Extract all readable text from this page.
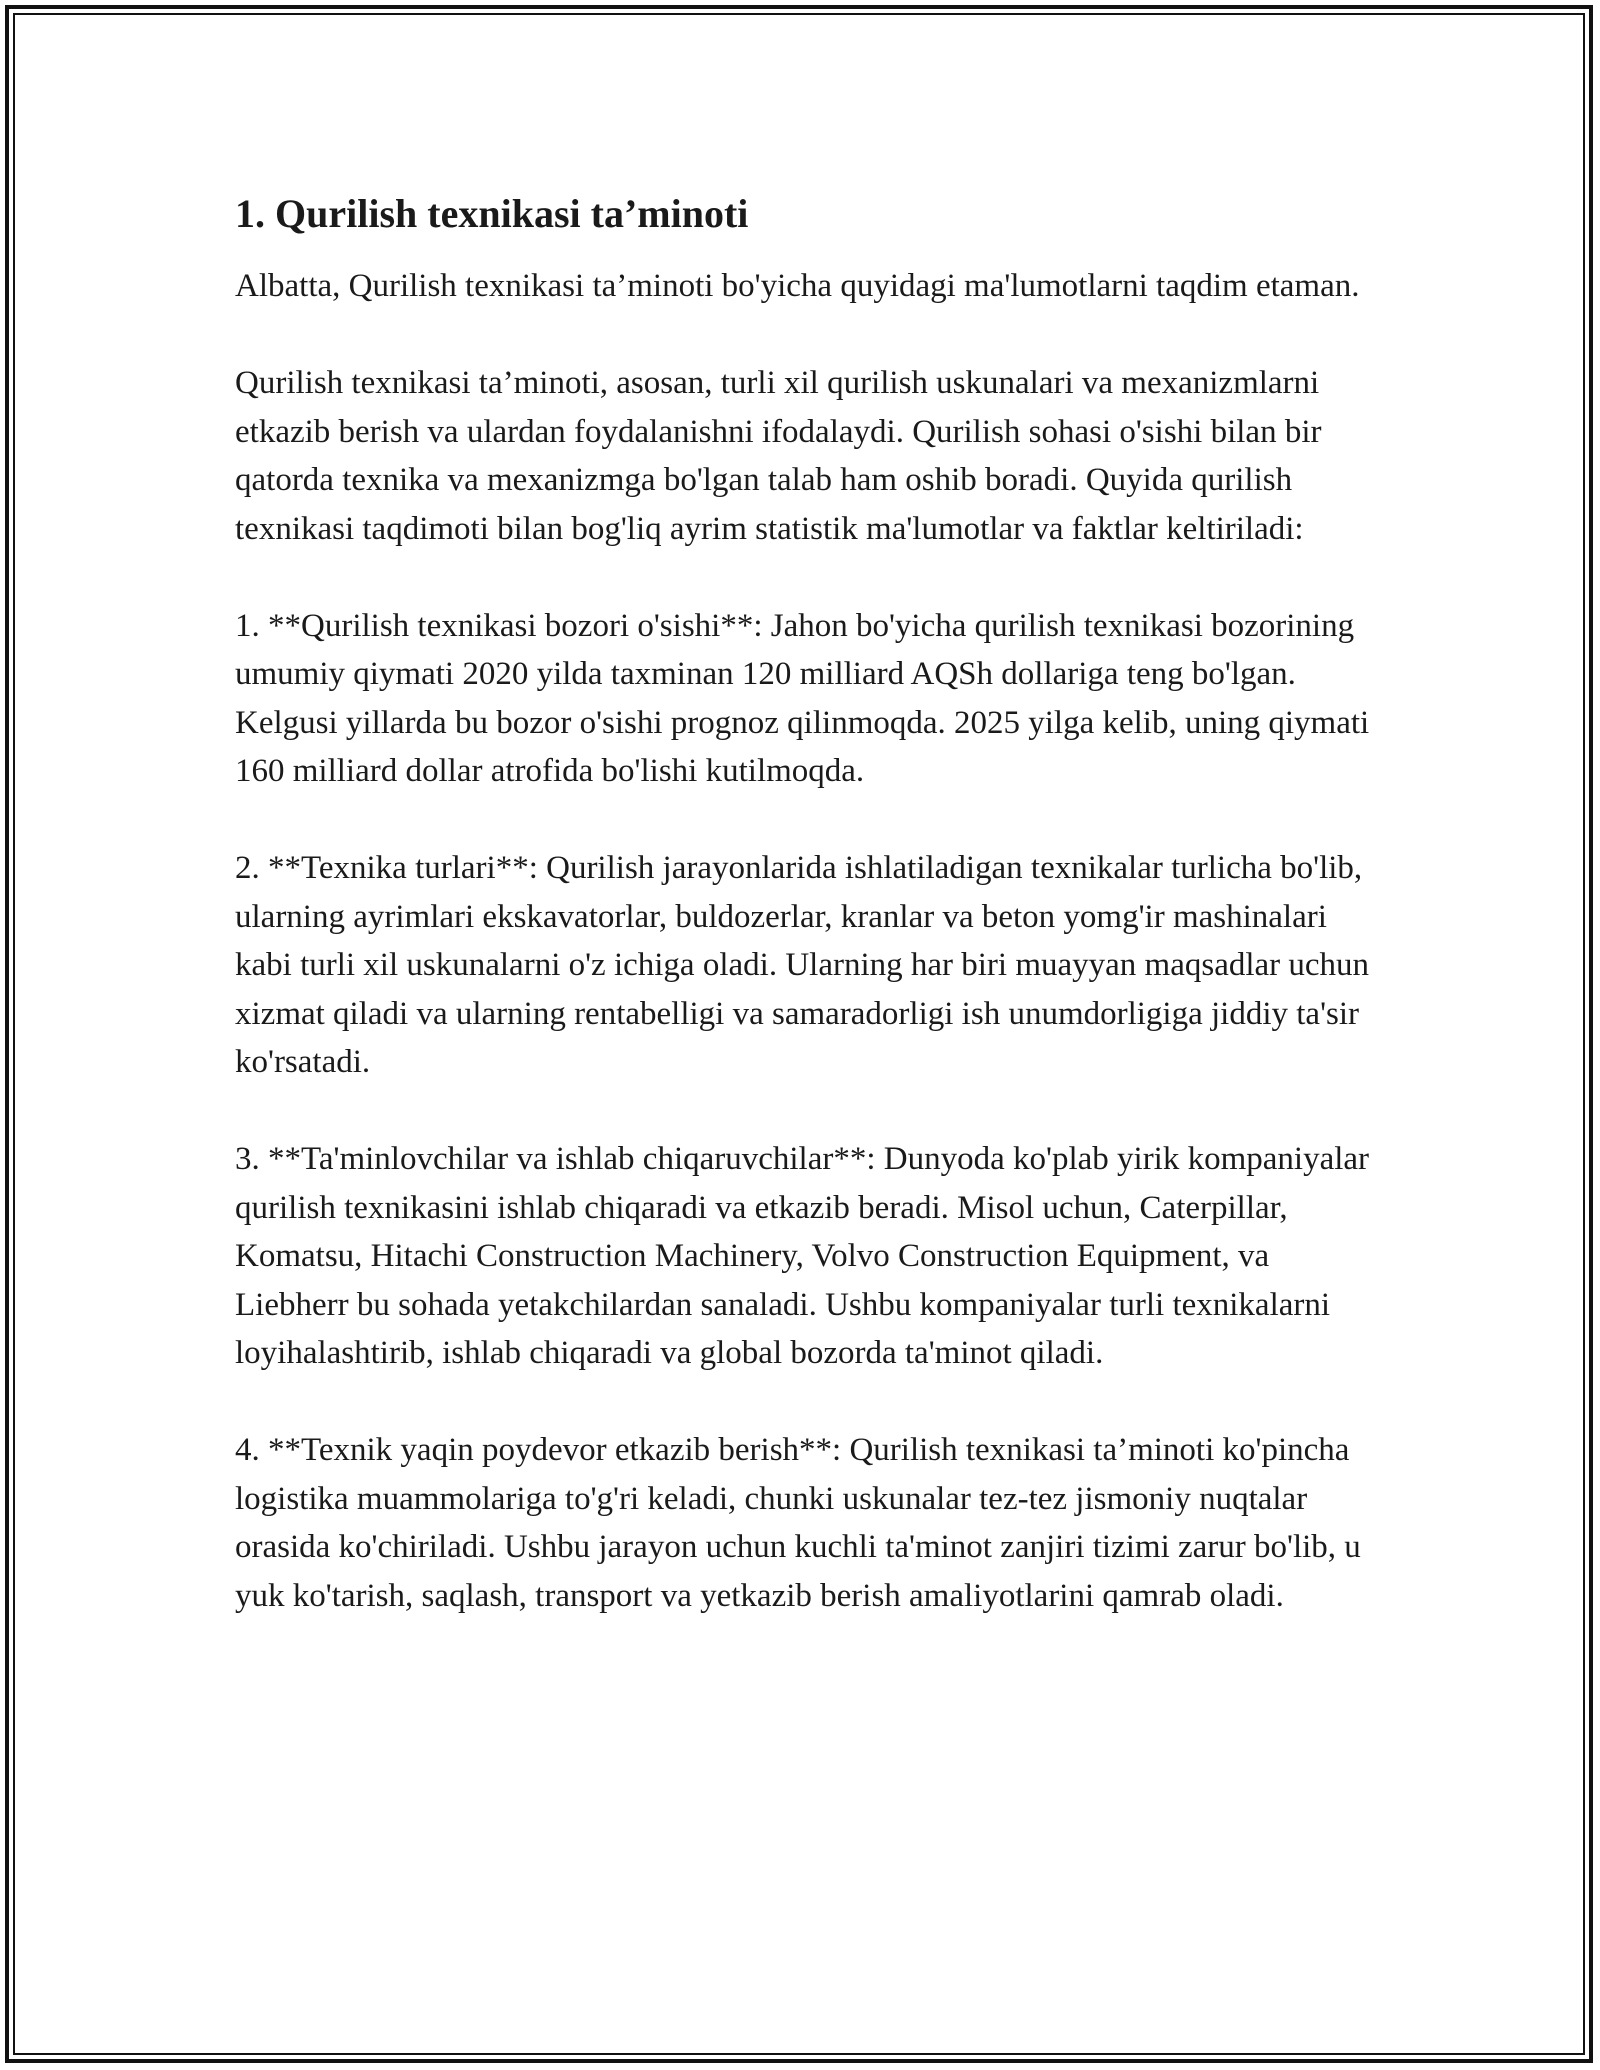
1. Qurilish texnikasi ta’minoti

Albatta, Qurilish texnikasi ta’minoti bo'yicha quyidagi ma'lumotlarni taqdim etaman.

Qurilish texnikasi ta’minoti, asosan, turli xil qurilish uskunalari va mexanizmlarni etkazib berish va ulardan foydalanishni ifodalaydi. Qurilish sohasi o'sishi bilan bir qatorda texnika va mexanizmga bo'lgan talab ham oshib boradi. Quyida qurilish texnikasi taqdimoti bilan bog'liq ayrim statistik ma'lumotlar va faktlar keltiriladi:

1. **Qurilish texnikasi bozori o'sishi**: Jahon bo'yicha qurilish texnikasi bozorining umumiy qiymati 2020 yilda taxminan 120 milliard AQSh dollariga teng bo'lgan. Kelgusi yillarda bu bozor o'sishi prognoz qilinmoqda. 2025 yilga kelib, uning qiymati 160 milliard dollar atrofida bo'lishi kutilmoqda.

2. **Texnika turlari**: Qurilish jarayonlarida ishlatiladigan texnikalar turlicha bo'lib, ularning ayrimlari ekskavatorlar, buldozerlar, kranlar va beton yomg'ir mashinalari kabi turli xil uskunalarni o'z ichiga oladi. Ularning har biri muayyan maqsadlar uchun xizmat qiladi va ularning rentabelligi va samaradorligi ish unumdorligiga jiddiy ta'sir ko'rsatadi.

3. **Ta'minlovchilar va ishlab chiqaruvchilar**: Dunyoda ko'plab yirik kompaniyalar qurilish texnikasini ishlab chiqaradi va etkazib beradi. Misol uchun, Caterpillar, Komatsu, Hitachi Construction Machinery, Volvo Construction Equipment, va Liebherr bu sohada yetakchilardan sanaladi. Ushbu kompaniyalar turli texnikalarni loyihalashtirib, ishlab chiqaradi va global bozorda ta'minot qiladi.

4. **Texnik yaqin poydevor etkazib berish**: Qurilish texnikasi ta’minoti ko'pincha logistika muammolariga to'g'ri keladi, chunki uskunalar tez-tez jismoniy nuqtalar orasida ko'chiriladi. Ushbu jarayon uchun kuchli ta'minot zanjiri tizimi zarur bo'lib, u yuk ko'tarish, saqlash, transport va yetkazib berish amaliyotlarini qamrab oladi.
